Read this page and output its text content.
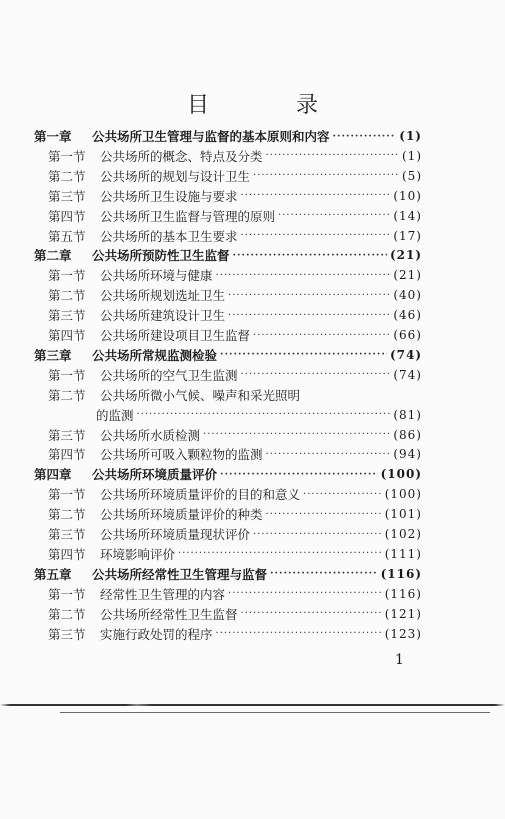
目 录
第一章	公共场所卫生管理与监督的基本原则和内容 ·····	(1)
第一节	公共场所的概念、特点及分类 ·····	(1)
第二节	公共场所的规划与设计卫生 ·····	(5)
第三节	公共场所卫生设施与要求 ·····	(10)
第四节	公共场所卫生监督与管理的原则 ·····	(14)
第五节	公共场所的基本卫生要求 ·····	(17)
第二章	公共场所预防性卫生监督 ·····	(21)
第一节	公共场所环境与健康 ·····	(21)
第二节	公共场所规划选址卫生 ·····	(40)
第三节	公共场所建筑设计卫生 ·····	(46)
第四节	公共场所建设项目卫生监督 ·····	(66)
第三章	公共场所常规监测检验 ·····	(74)
第一节	公共场所的空气卫生监测 ·····	(74)
第二节	公共场所微小气候、噪声和采光照明
的监测 ·····	(81)
第三节	公共场所水质检测 ·····	(86)
第四节	公共场所可吸入颗粒物的监测 ·····	(94)
第四章	公共场所环境质量评价 ·····	(100)
第一节	公共场所环境质量评价的目的和意义 ·····	(100)
第二节	公共场所环境质量评价的种类 ·····	(101)
第三节	公共场所环境质量现状评价 ·····	(102)
第四节	环境影响评价 ·····	(111)
第五章	公共场所经常性卫生管理与监督 ·····	(116)
第一节	经常性卫生管理的内容 ·····	(116)
第二节	公共场所经常性卫生监督 ·····	(121)
第三节	实施行政处罚的程序 ·····	(123)
1
